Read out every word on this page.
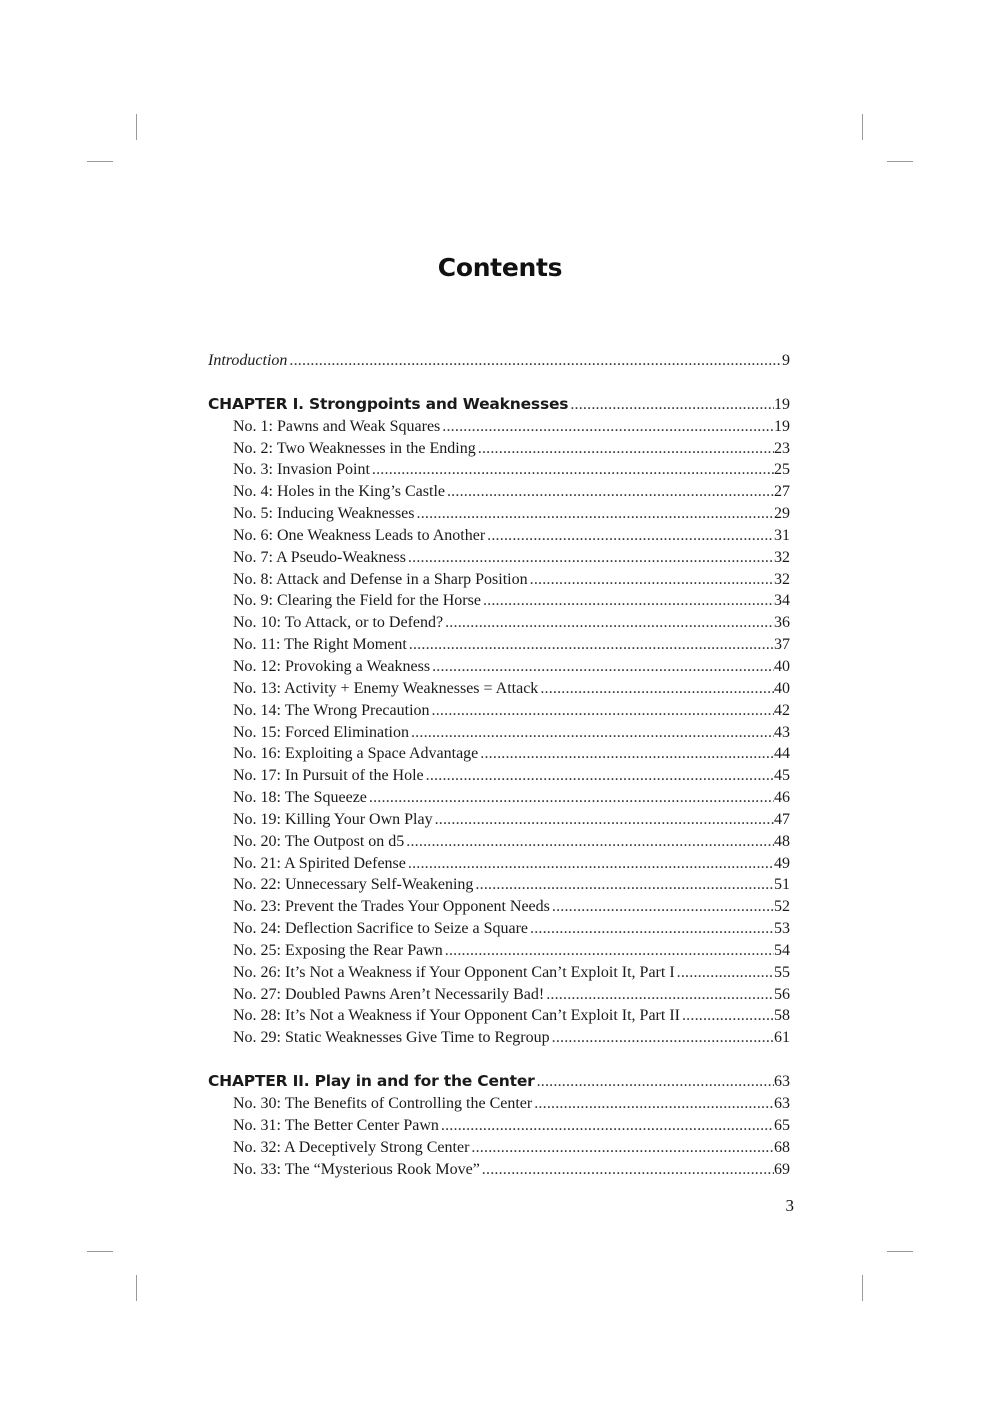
Contents
Introduction .....	9
CHAPTER I. Strongpoints and Weaknesses .....	19
No. 1: Pawns and Weak Squares .....	19
No. 2: Two Weaknesses in the Ending .....	23
No. 3: Invasion Point .....	25
No. 4: Holes in the King’s Castle .....	27
No. 5: Inducing Weaknesses .....	29
No. 6: One Weakness Leads to Another .....	31
No. 7: A Pseudo-Weakness .....	32
No. 8: Attack and Defense in a Sharp Position .....	32
No. 9: Clearing the Field for the Horse .....	34
No. 10: To Attack, or to Defend? .....	36
No. 11: The Right Moment .....	37
No. 12: Provoking a Weakness .....	40
No. 13: Activity + Enemy Weaknesses = Attack .....	40
No. 14: The Wrong Precaution .....	42
No. 15: Forced Elimination .....	43
No. 16: Exploiting a Space Advantage .....	44
No. 17: In Pursuit of the Hole .....	45
No. 18: The Squeeze .....	46
No. 19: Killing Your Own Play .....	47
No. 20: The Outpost on d5 .....	48
No. 21: A Spirited Defense .....	49
No. 22: Unnecessary Self-Weakening .....	51
No. 23: Prevent the Trades Your Opponent Needs .....	52
No. 24: Deflection Sacrifice to Seize a Square .....	53
No. 25: Exposing the Rear Pawn .....	54
No. 26: It’s Not a Weakness if Your Opponent Can’t Exploit It, Part I .....	55
No. 27: Doubled Pawns Aren’t Necessarily Bad! .....	56
No. 28: It’s Not a Weakness if Your Opponent Can’t Exploit It, Part II .....	58
No. 29: Static Weaknesses Give Time to Regroup .....	61
CHAPTER II. Play in and for the Center .....	63
No. 30: The Benefits of Controlling the Center .....	63
No. 31: The Better Center Pawn .....	65
No. 32: A Deceptively Strong Center .....	68
No. 33: The “Mysterious Rook Move” .....	69
3
